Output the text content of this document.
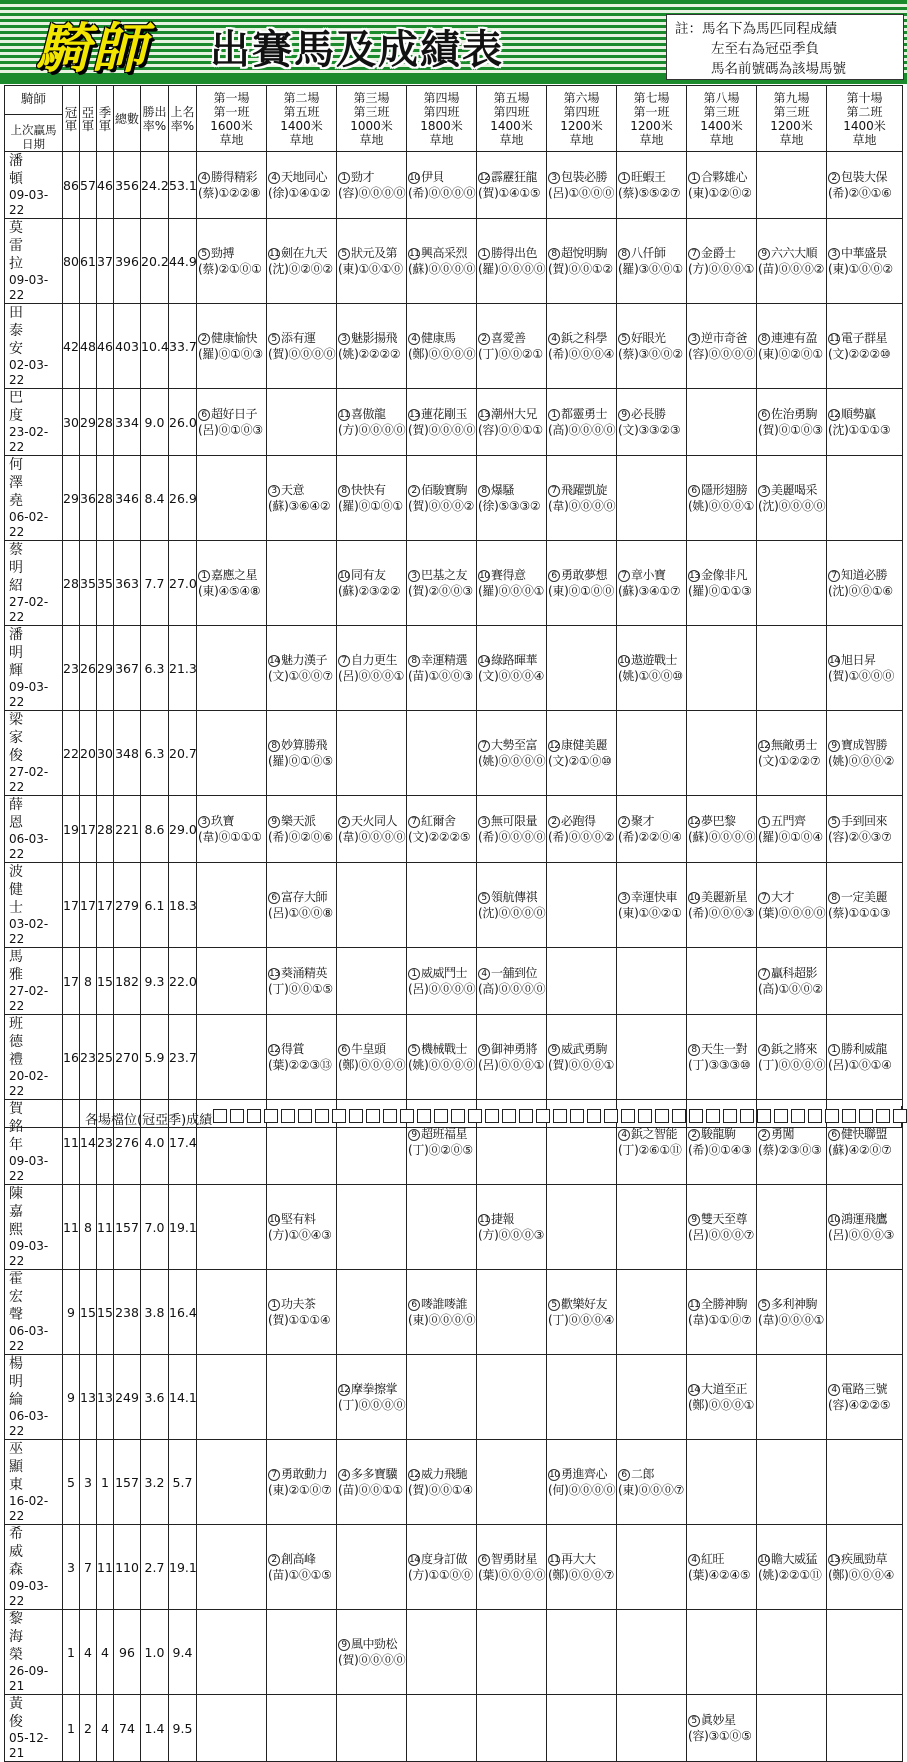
騎師 出賽馬及成績表	註：馬名下為馬匹同程成績
左至右為冠亞季負
馬名前號碼為該場馬號
騎師
上次贏馬日期	冠軍	亞軍	季軍	總數	勝出率%	上名率%	第一場
第一班
1600米
草地	第二場
第五班
1400米
草地	第三場
第三班
1000米
草地	第四場
第四班
1800米
草地	第五場
第四班
1400米
草地	第六場
第四班
1200米
草地	第七場
第一班
1200米
草地	第八場
第三班
1400米
草地	第九場
第三班
1200米
草地	第十場
第二班
1400米
草地

潘頓
09-03-22	86	57	46	356	24.2	53.1	4 勝得精彩
(蔡)①②②⑧	4 天地同心
(徐)①④①②	1 勁才
(容)⓪⓪⓪⓪	10 伊貝
(希)⓪⓪⓪⓪	12 霹靂狂龍
(賀)①④①⑤	3 包裝必勝
(呂)①⓪⓪⓪	1 旺蝦王
(蔡)⑤⑤②⑦	1 合夥雄心
(東)①②⓪②		2 包裝大保
(希)②⓪①⑥

莫雷拉
09-03-22	80	61	37	396	20.2	44.9	5 勁搏
(蔡)②①⓪①	11 劍在九天
(沈)⓪②⓪②	5 狀元及第
(東)①⓪①⓪	11 興高采烈
(蘇)⓪⓪⓪⓪	1 勝得出色
(羅)⓪⓪⓪⓪	8 超悅明駒
(賀)⓪⓪①②	8 八仟師
(羅)③⓪⓪①	7 金爵士
(方)⓪⓪⓪①	9 六六大順
(苗)⓪⓪⓪②	3 中華盛景
(東)①⓪⓪②

田泰安
02-03-22	42	48	46	403	10.4	33.7	2 健康愉快
(羅)⓪①⓪③	5 添有運
(賀)⓪⓪⓪⓪	3 魅影揚飛
(姚)②②②②	4 健康馬
(鄭)⓪⓪⓪⓪	2 喜愛善
(丁)⓪⓪②①	4 鋲之科學
(希)⓪⓪⓪④	5 好眼光
(蔡)③⓪⓪②	3 逆市奇爸
(容)⓪⓪⓪⓪	8 連連有盈
(東)⓪②⓪①	11 電子群星
(文)②②②⑩

巴度
23-02-22	30	29	28	334	9.0	26.0	6 超好日子
(呂)⓪①⓪③		11 喜傲龍
(方)⓪⓪⓪⓪	13 蓮花剛玉
(賀)⓪⓪⓪⓪	13 潮州大兄
(容)⓪⓪①①	1 都靈勇士
(高)⓪⓪⓪⓪	9 必長勝
(文)③③②③		6 佐治勇駒
(賀)⓪①⓪③	12 順勢贏
(沈)①①①③

何澤堯
06-02-22	29	36	28	346	8.4	26.9		3 天意
(蘇)③⑥④②	8 快快有
(羅)⓪①⓪①	2 佰駿寶駒
(賀)⓪⓪⓪②	8 爆騷
(徐)⑤③③②	7 飛躍凱旋
(韋)⓪⓪⓪⓪		6 隱形翅膀
(姚)⓪⓪⓪①	3 美麗喝采
(沈)⓪⓪⓪⓪	

蔡明紹
27-02-22	28	35	35	363	7.7	27.0	1 嘉應之星
(東)④⑤④⑧		10 同有友
(蘇)②③②②	3 巴基之友
(賀)②⓪⓪③	10 賽得意
(羅)⓪⓪⓪①	6 勇敢夢想
(東)⓪①⓪⓪	7 章小寶
(蘇)③④①⑦	13 金像非凡
(羅)⓪①①③		7 知道必勝
(沈)⓪⓪①⑥

潘明輝
09-03-22	23	26	29	367	6.3	21.3		14 魅力漢子
(文)①⓪⓪⑦	7 自力更生
(呂)⓪⓪⓪①	8 幸運精選
(苗)①⓪⓪③	14 綠路暉華
(文)⓪⓪⓪④		10 遨遊戰士
(姚)①⓪⓪⑩			14 旭日昇
(賀)①⓪⓪⓪

梁家俊
27-02-22	22	20	30	348	6.3	20.7		8 妙算勝飛
(羅)⓪①⓪⑤			7 大勢至富
(姚)⓪⓪⓪⓪	12 康健美麗
(文)②①⓪⑩			12 無敵勇士
(文)①②②⑦	9 寶成智勝
(姚)⓪⓪⓪②

薛恩
06-03-22	19	17	28	221	8.6	29.0	3 玖寶
(韋)⓪①①①	9 樂天派
(希)⓪②⓪⑥	2 天火同人
(韋)⓪⓪⓪⓪	7 紅爾舍
(文)②②②⑤	3 無可限量
(希)⓪⓪⓪⓪	2 必跑得
(希)⓪⓪⓪②	2 聚才
(希)②②⓪④	12 夢巴黎
(蘇)⓪⓪⓪⓪	1 五門齊
(羅)⓪①⓪④	5 手到回來
(容)②⓪③⑦

波健士
03-02-22	17	17	17	279	6.1	18.3		6 富存大師
(呂)①⓪⓪⑧			5 領航傳祺
(沈)⓪⓪⓪⓪		3 幸運快車
(東)①⓪②①	10 美麗新星
(希)⓪⓪⓪③	7 大才
(葉)⓪⓪⓪⓪	8 一定美麗
(蔡)①①①③

馬雅
27-02-22	17	8	15	182	9.3	22.0		13 葵涌精英
(丁)⓪⓪①⑤		1 威威鬥士
(呂)⓪⓪⓪⓪	4 一舖到位
(高)⓪⓪⓪⓪				7 贏科超影
(高)①⓪⓪②	

班德禮
20-02-22	16	23	25	270	5.9	23.7		12 得賞
(葉)②②③⑬	6 牛皇頭
(鄭)⓪⓪⓪⓪	5 機械戰士
(姚)⓪⓪⓪⓪	9 御神勇將
(呂)⓪⓪⓪①	9 威武勇駒
(賀)⓪⓪⓪①		8 天生一對
(丁)③③③⑩	4 鋲之將來
(丁)⓪⓪⓪⓪	1 勝利威龍
(呂)①⓪①④

賀銘年
09-03-22	11	14	23	276	4.0	17.4				9 超班福星
(丁)⓪②⓪⑤			4 鋲之智能
(丁)②⑥①⑪	2 駿龍駒
(希)⓪①④③	2 勇闖
(蔡)②③⓪③	6 健快聯盟
(蘇)④②⓪⑦

陳嘉熙
09-03-22	11	8	11	157	7.0	19.1		10 堅有料
(方)①⓪④③			11 捷報
(方)⓪⓪⓪③			9 雙天至尊
(呂)⓪⓪⓪⑦		10 鴻運飛鷹
(呂)⓪⓪⓪③

霍宏聲
06-03-22	9	15	15	238	3.8	16.4		1 功夫茶
(賀)①①①④		6 嘜誰嘜誰
(東)⓪⓪⓪⓪		5 歡樂好友
(丁)⓪⓪⓪④		11 全勝神駒
(韋)①①⓪⑦	5 多利神駒
(韋)⓪⓪⓪①	

楊明綸
06-03-22	9	13	13	249	3.6	14.1			12 摩拳擦掌
(丁)⓪⓪⓪⓪					14 大道至正
(鄭)⓪⓪⓪①		4 電路三號
(容)④②②⑤

巫顯東
16-02-22	5	3	1	157	3.2	5.7		7 勇敢動力
(東)②①⓪⑦	4 多多寶驥
(苗)⓪⓪①①	12 威力飛馳
(賀)⓪⓪①④		10 勇進齊心
(何)⓪⓪⓪⓪	6 二郎
(東)⓪⓪⓪⑦			

希威森
09-03-22	3	7	11	110	2.7	19.1		2 創高峰
(苗)①⓪①⑤		14 度身訂做
(方)①①⓪⓪	6 智勇財星
(葉)⓪⓪⓪⓪	11 再大大
(鄭)⓪⓪⓪⑦		4 紅旺
(葉)④②④⑤	10 瞻大威猛
(姚)②②①⑪	13 疾風勁草
(鄭)⓪⓪⓪④

黎海榮
26-09-21	1	4	4	96	1.0	9.4			9 風中勁松
(賀)⓪⓪⓪⓪							

黃俊
05-12-21	1	2	4	74	1.4	9.5								5 眞妙星
(容)③①⓪⑤		

各場檔位(冠亞季)成績
